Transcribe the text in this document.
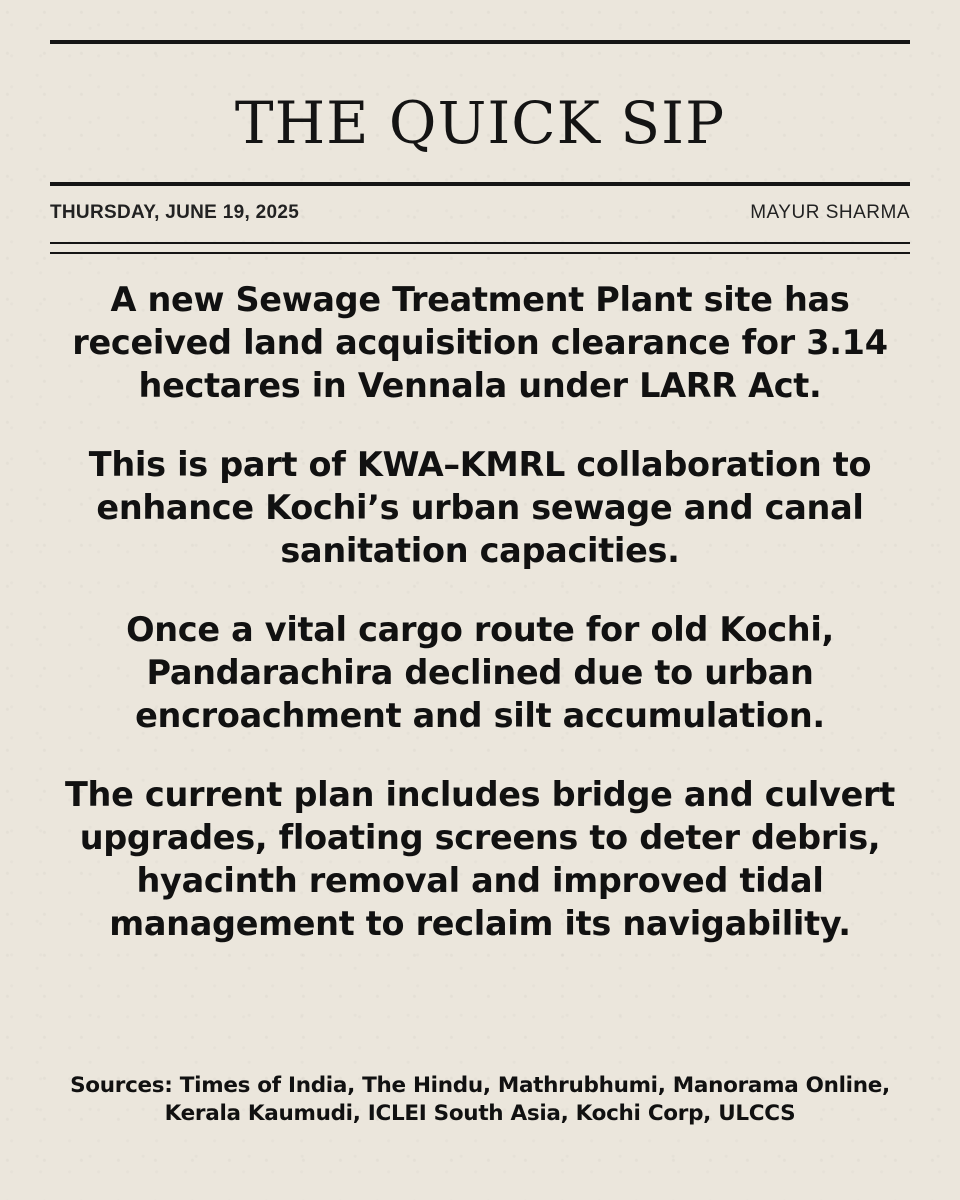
THE QUICK SIP
THURSDAY, JUNE 19, 2025	MAYUR SHARMA

A new Sewage Treatment Plant site has received land acquisition clearance for 3.14 hectares in Vennala under LARR Act.

This is part of KWA–KMRL collaboration to enhance Kochi’s urban sewage and canal sanitation capacities.

Once a vital cargo route for old Kochi, Pandarachira declined due to urban encroachment and silt accumulation.

The current plan includes bridge and culvert upgrades, floating screens to deter debris, hyacinth removal and improved tidal management to reclaim its navigability.

Sources: Times of India, The Hindu, Mathrubhumi, Manorama Online, Kerala Kaumudi, ICLEI South Asia, Kochi Corp, ULCCS
